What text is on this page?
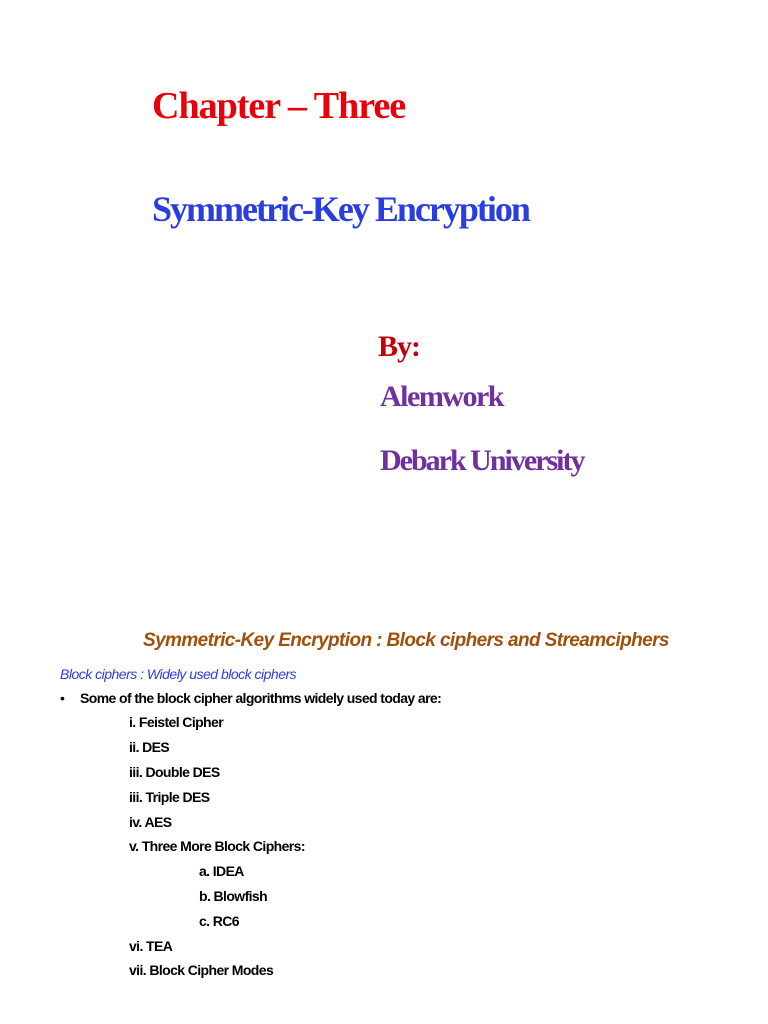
Chapter – Three
Symmetric-Key Encryption
By:
Alemwork
Debark University
Symmetric-Key Encryption : Block ciphers and Streamciphers
Block ciphers : Widely used block ciphers
• Some of the block cipher algorithms widely used today are:
i. Feistel Cipher
ii. DES
iii. Double DES
iii. Triple DES
iv. AES
v. Three More Block Ciphers:
a. IDEA
b. Blowfish
c. RC6
vi. TEA
vii. Block Cipher Modes
